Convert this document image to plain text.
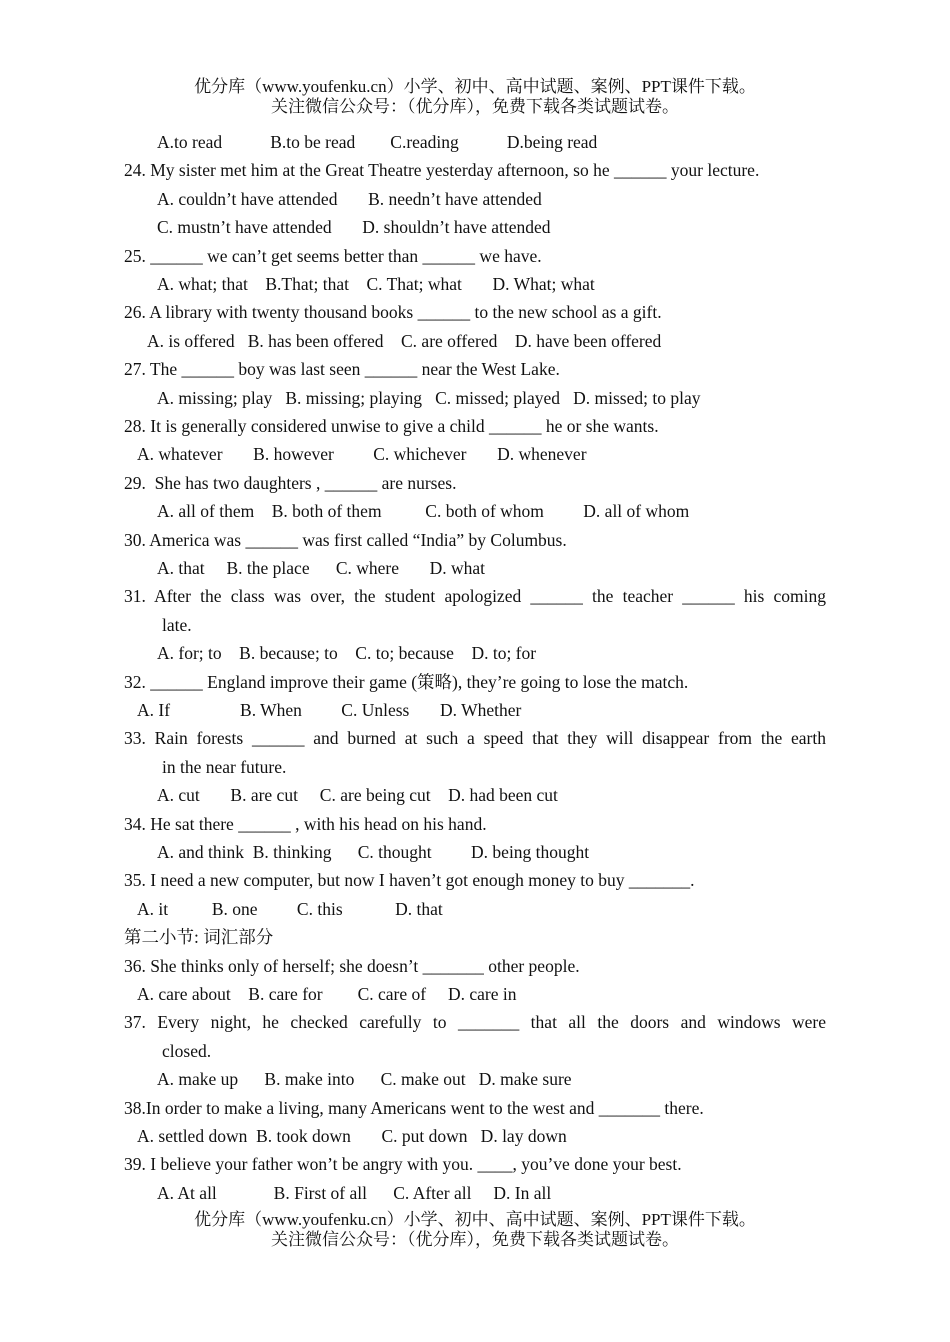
优分库（www.youfenku.cn）小学、初中、高中试题、案例、PPT课件下载。
关注微信公众号：（优分库），免费下载各类试题试卷。
A.to read           B.to be read        C.reading           D.being read
24. My sister met him at the Great Theatre yesterday afternoon, so he ______ your lecture.
A. couldn’t have attended       B. needn’t have attended
C. mustn’t have attended       D. shouldn’t have attended
25. ______ we can’t get seems better than ______ we have.
A. what; that    B.That; that    C. That; what       D. What; what
26. A library with twenty thousand books ______ to the new school as a gift.
A. is offered   B. has been offered    C. are offered    D. have been offered
27. The ______ boy was last seen ______ near the West Lake.
A. missing; play   B. missing; playing   C. missed; played   D. missed; to play
28. It is generally considered unwise to give a child ______ he or she wants.
A. whatever       B. however         C. whichever       D. whenever
29.  She has two daughters , ______ are nurses.
A. all of them    B. both of them          C. both of whom         D. all of whom
30. America was ______ was first called “India” by Columbus.
A. that     B. the place      C. where       D. what
31. After the class was over, the student apologized ______ the teacher ______ his coming
late.
A. for; to    B. because; to    C. to; because    D. to; for
32. ______ England improve their game (策略), they’re going to lose the match.
A. If                B. When         C. Unless       D. Whether
33. Rain forests ______ and burned at such a speed that they will disappear from the earth
in the near future.
A. cut       B. are cut     C. are being cut    D. had been cut
34. He sat there ______ , with his head on his hand.
A. and think  B. thinking      C. thought         D. being thought
35. I need a new computer, but now I haven’t got enough money to buy _______.
A. it          B. one         C. this            D. that
第二小节: 词汇部分
36. She thinks only of herself; she doesn’t _______ other people.
A. care about    B. care for        C. care of     D. care in
37. Every night, he checked carefully to _______ that all the doors and windows were
closed.
A. make up      B. make into      C. make out   D. make sure
38.In order to make a living, many Americans went to the west and _______ there.
A. settled down  B. took down       C. put down   D. lay down
39. I believe your father won’t be angry with you. ____, you’ve done your best.
A. At all             B. First of all      C. After all     D. In all
优分库（www.youfenku.cn）小学、初中、高中试题、案例、PPT课件下载。
关注微信公众号：（优分库），免费下载各类试题试卷。
